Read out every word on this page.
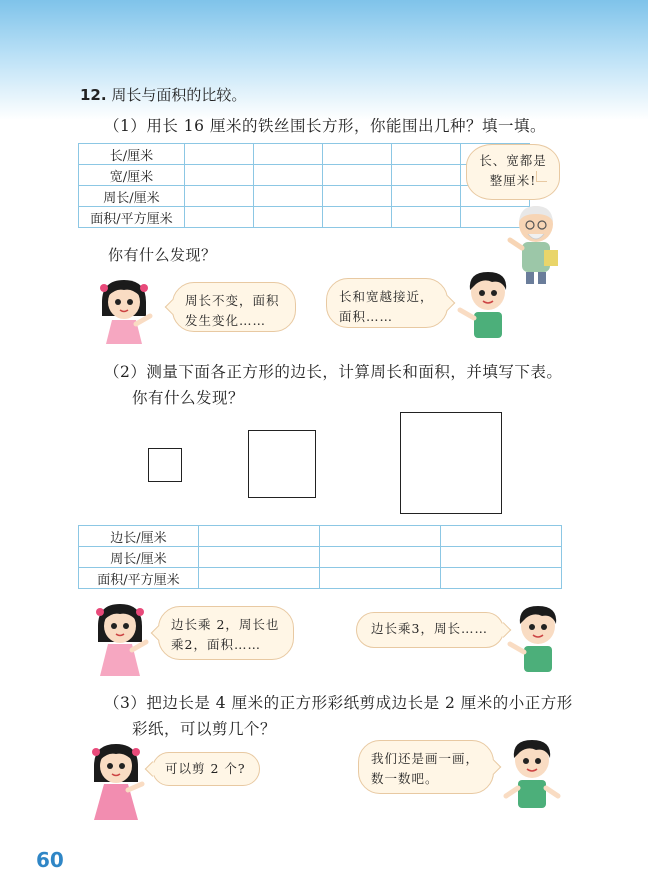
12. 周长与面积的比较。
（1）用长 16 厘米的铁丝围长方形，你能围出几种？填一填。
长/厘米					
宽/厘米					
周长/厘米					
面积/平方厘米					
长、宽都是整厘米!
你有什么发现？
周长不变，面积发生变化……
长和宽越接近，面积……
（2）测量下面各正方形的边长，计算周长和面积，并填写下表。
你有什么发现？
边长/厘米			
周长/厘米			
面积/平方厘米			
边长乘 2，周长也乘2，面积……
边长乘3，周长……
（3）把边长是 4 厘米的正方形彩纸剪成边长是 2 厘米的小正方形
彩纸，可以剪几个？
可以剪 2 个?
我们还是画一画，数一数吧。
60
